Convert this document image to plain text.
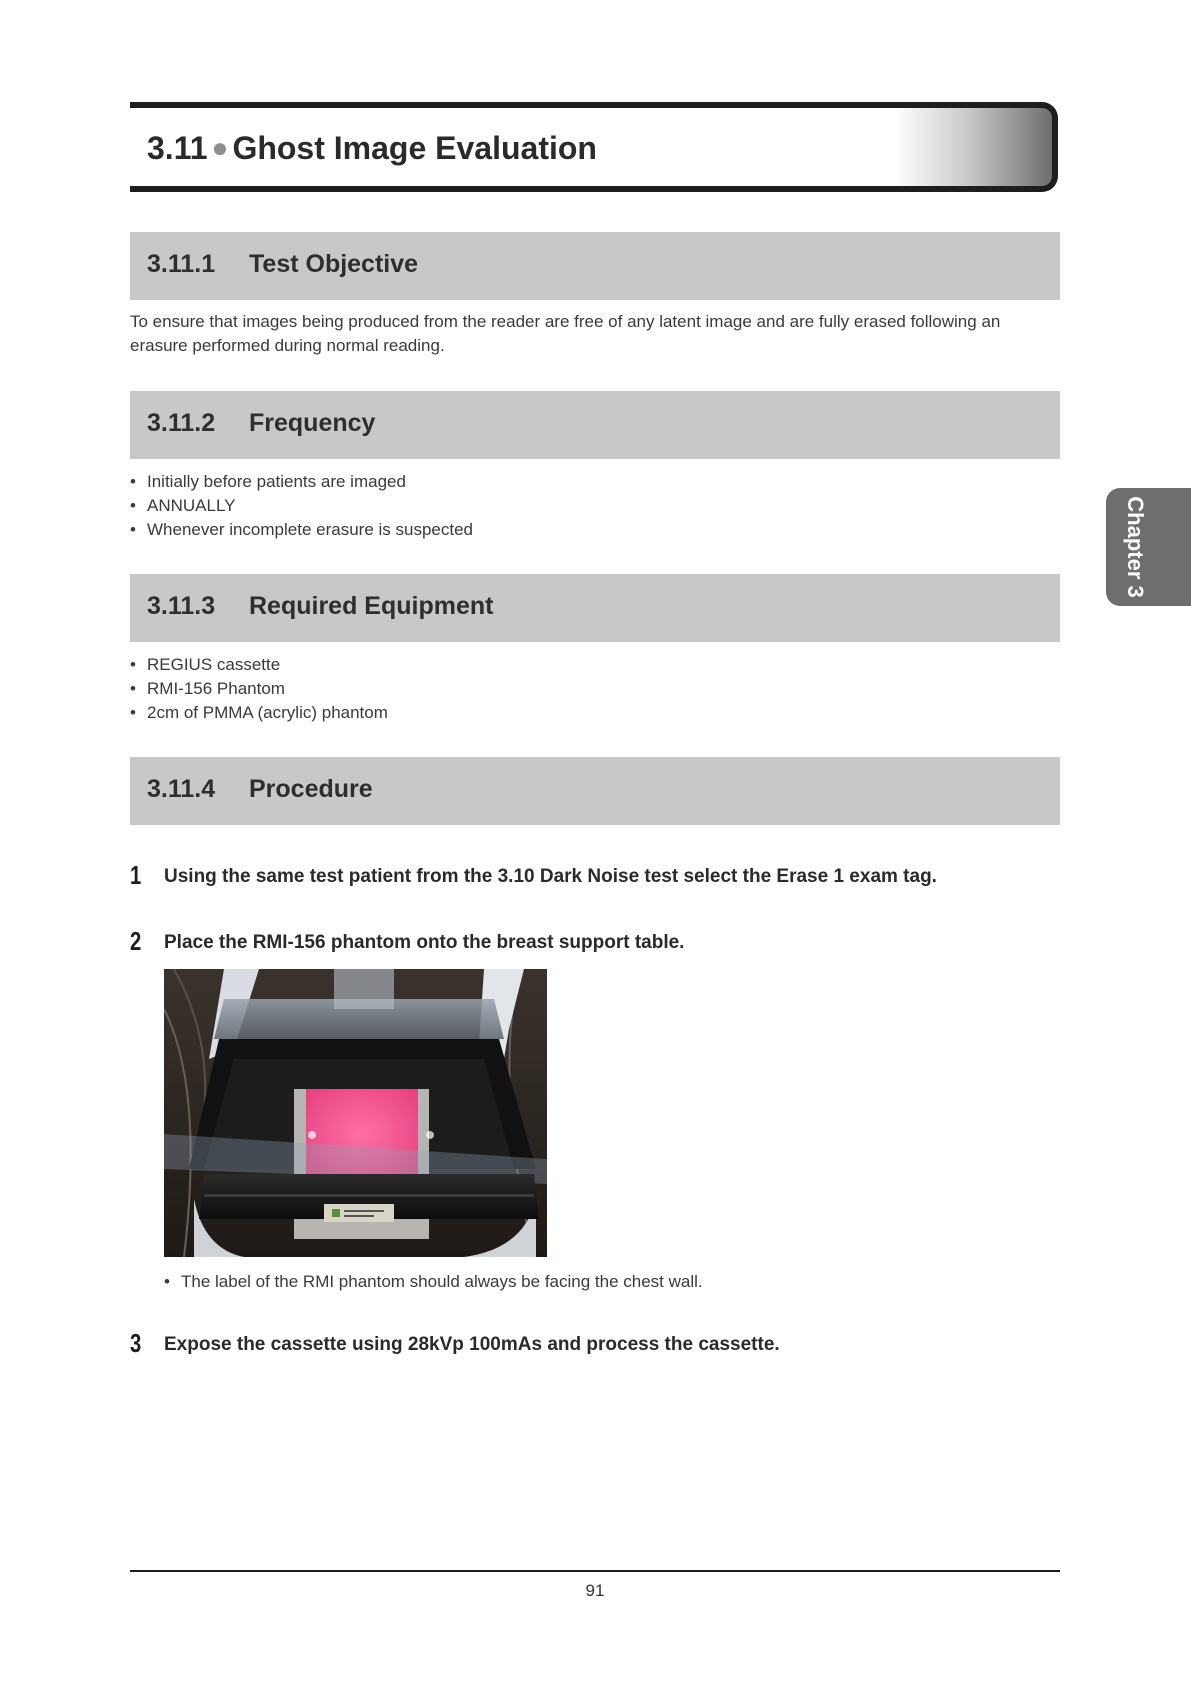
3.11 ● Ghost Image Evaluation
3.11.1 Test Objective

To ensure that images being produced from the reader are free of any latent image and are fully erased following an erasure performed during normal reading.

3.11.2 Frequency
• Initially before patients are imaged
• ANNUALLY
• Whenever incomplete erasure is suspected
3.11.3 Required Equipment
• REGIUS cassette
• RMI-156 Phantom
• 2cm of PMMA (acrylic) phantom
3.11.4 Procedure
1 Using the same test patient from the 3.10 Dark Noise test select the Erase 1 exam tag.
2 Place the RMI-156 phantom onto the breast support table.
• The label of the RMI phantom should always be facing the chest wall.
3 Expose the cassette using 28kVp 100mAs and process the cassette.
91
Chapter 3
